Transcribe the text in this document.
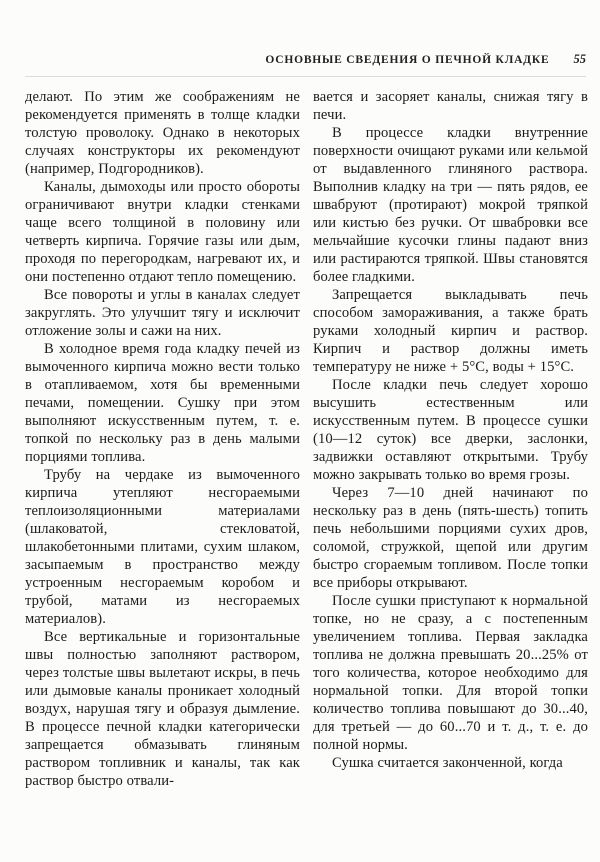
ОСНОВНЫЕ СВЕДЕНИЯ О ПЕЧНОЙ КЛАДКЕ 55

делают. По этим же соображениям не рекомендуется применять в толще кладки толстую проволоку. Однако в некоторых случаях конструкторы их рекомендуют (например, Подгородников).

Каналы, дымоходы или просто обороты ограничивают внутри кладки стенками чаще всего толщиной в половину или четверть кирпича. Горячие газы или дым, проходя по перегородкам, нагревают их, и они постепенно отдают тепло помещению.

Все повороты и углы в каналах следует закруглять. Это улучшит тягу и исключит отложение золы и сажи на них.

В холодное время года кладку печей из вымоченного кирпича можно вести только в отапливаемом, хотя бы временными печами, помещении. Сушку при этом выполняют искусственным путем, т. е. топкой по нескольку раз в день малыми порциями топлива.

Трубу на чердаке из вымоченного кирпича утепляют несгораемыми теплоизоляционными материалами (шлаковатой, стекловатой, шлакобетонными плитами, сухим шлаком, засыпаемым в пространство между устроенным несгораемым коробом и трубой, матами из несгораемых материалов).

Все вертикальные и горизонтальные швы полностью заполняют раствором, через толстые швы вылетают искры, в печь или дымовые каналы проникает холодный воздух, нарушая тягу и образуя дымление. В процессе печной кладки категорически запрещается обмазывать глиняным раствором топливник и каналы, так как раствор быстро отвали-

вается и засоряет каналы, снижая тягу в печи.

В процессе кладки внутренние поверхности очищают руками или кельмой от выдавленного глиняного раствора. Выполнив кладку на три — пять рядов, ее швабруют (протирают) мокрой тряпкой или кистью без ручки. От швабровки все мельчайшие кусочки глины падают вниз или растираются тряпкой. Швы становятся более гладкими.

Запрещается выкладывать печь способом замораживания, а также брать руками холодный кирпич и раствор. Кирпич и раствор должны иметь температуру не ниже + 5°С, воды + 15°С.

После кладки печь следует хорошо высушить естественным или искусственным путем. В процессе сушки (10—12 суток) все дверки, заслонки, задвижки оставляют открытыми. Трубу можно закрывать только во время грозы.

Через 7—10 дней начинают по нескольку раз в день (пять-шесть) топить печь небольшими порциями сухих дров, соломой, стружкой, щепой или другим быстро сгораемым топливом. После топки все приборы открывают.

После сушки приступают к нормальной топке, но не сразу, а с постепенным увеличением топлива. Первая закладка топлива не должна превышать 20...25% от того количества, которое необходимо для нормальной топки. Для второй топки количество топлива повышают до 30...40, для третьей — до 60...70 и т. д., т. е. до полной нормы.

Сушка считается законченной, когда
